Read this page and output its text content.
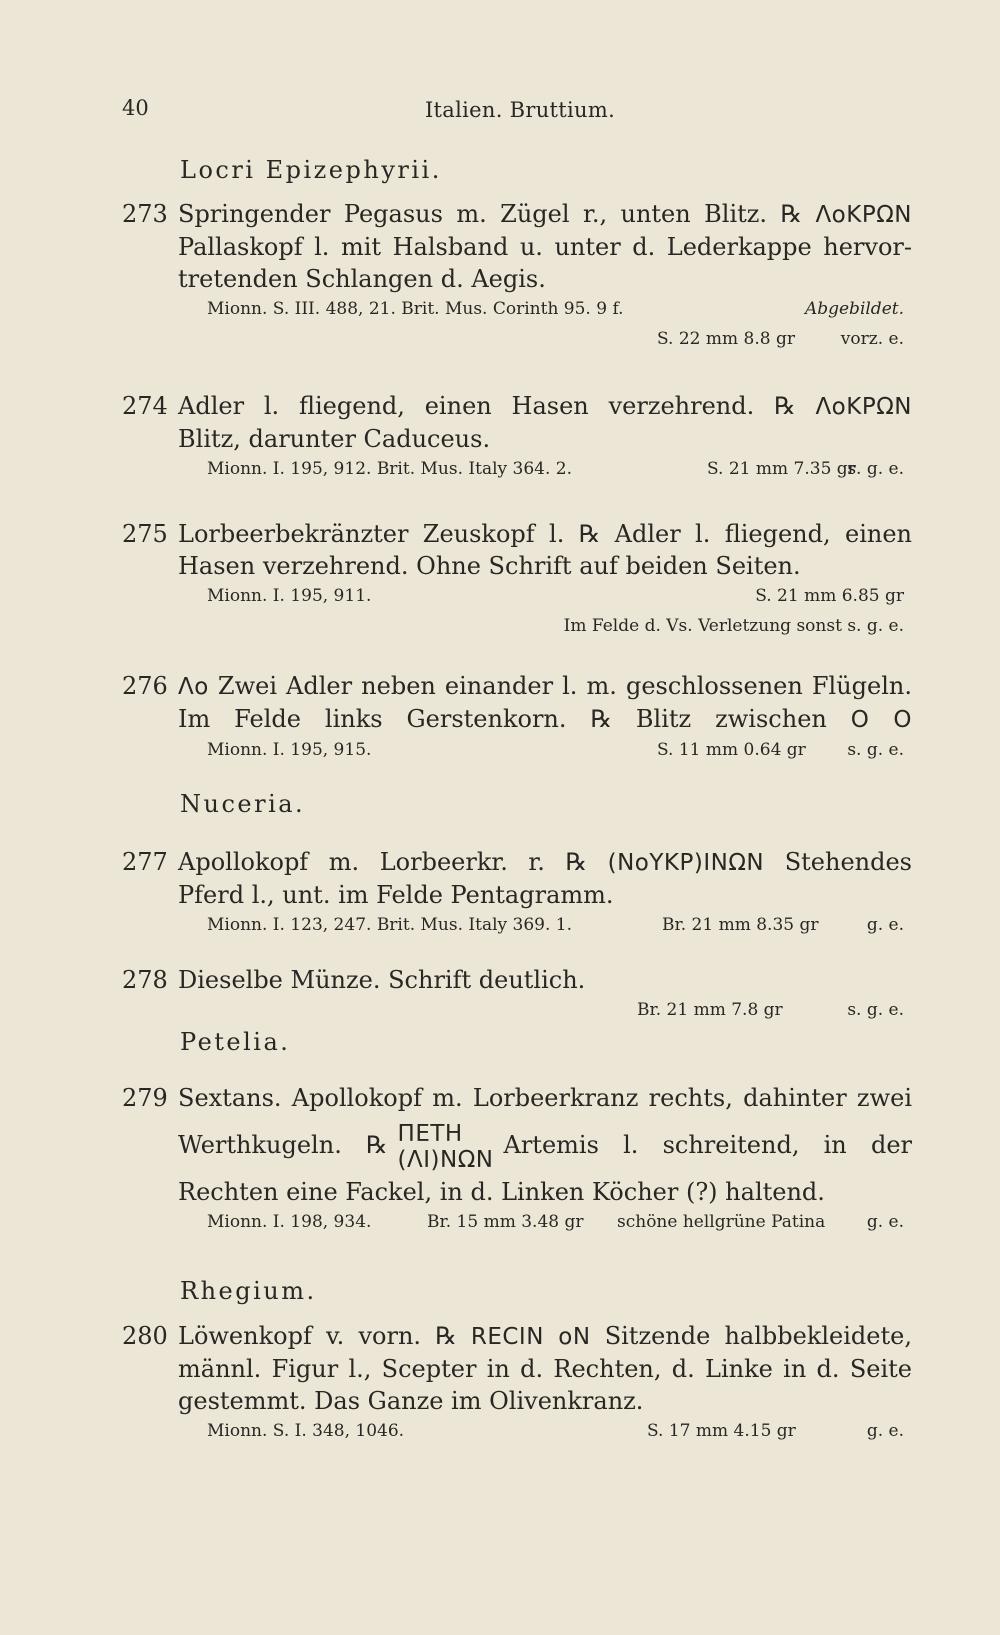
40	Italien. Bruttium.
Locri Epizephyrii.
273 Springender Pegasus m. Zügel r., unten Blitz. ℞ ΛοΚΡΩΝ
Pallaskopf l. mit Halsband u. unter d. Lederkappe hervor-
tretenden Schlangen d. Aegis.
Mionn. S. III. 488, 21. Brit. Mus. Corinth 95. 9 f.	Abgebildet.
S. 22 mm 8.8 gr	vorz. e.
274 Adler l. fliegend, einen Hasen verzehrend. ℞ ΛοΚΡΩΝ
Blitz, darunter Caduceus.
Mionn. I. 195, 912. Brit. Mus. Italy 364. 2.	S. 21 mm 7.35 gr
s. g. e.
275 Lorbeerbekränzter Zeuskopf l. ℞ Adler l. fliegend, einen
Hasen verzehrend. Ohne Schrift auf beiden Seiten.
Mionn. I. 195, 911.	S. 21 mm 6.85 gr
Im Felde d. Vs. Verletzung sonst s. g. e.
276 Λο Zwei Adler neben einander l. m. geschlossenen Flügeln.
Im Felde links Gerstenkorn. ℞ Blitz zwischen O O
Mionn. I. 195, 915.	S. 11 mm 0.64 gr s. g. e.
Nuceria.
277 Apollokopf m. Lorbeerkr. r. ℞ (ΝοΥΚΡ)ΙΝΩΝ Stehendes
Pferd l., unt. im Felde Pentagramm.
Mionn. I. 123, 247. Brit. Mus. Italy 369. 1.	Br. 21 mm 8.35 gr	g. e.
278 Dieselbe Münze. Schrift deutlich.
Br. 21 mm 7.8 gr	s. g. e.
Petelia.
279 Sextans. Apollokopf m. Lorbeerkranz rechts, dahinter zwei
Werthkugeln. ℞ ΠΕΤΗ
(ΛΙ)ΝΩΝ
Artemis l. schreitend, in der
Rechten eine Fackel, in d. Linken Köcher (?) haltend.
Mionn. I. 198, 934.	Br. 15 mm 3.48 gr schöne hellgrüne Patina g. e.
Rhegium.
280 Löwenkopf v. vorn. ℞ RECIN οN Sitzende halbbekleidete,
männl. Figur l., Scepter in d. Rechten, d. Linke in d. Seite
gestemmt. Das Ganze im Olivenkranz.
Mionn. S. I. 348, 1046.	S. 17 mm 4.15 gr	g. e.
